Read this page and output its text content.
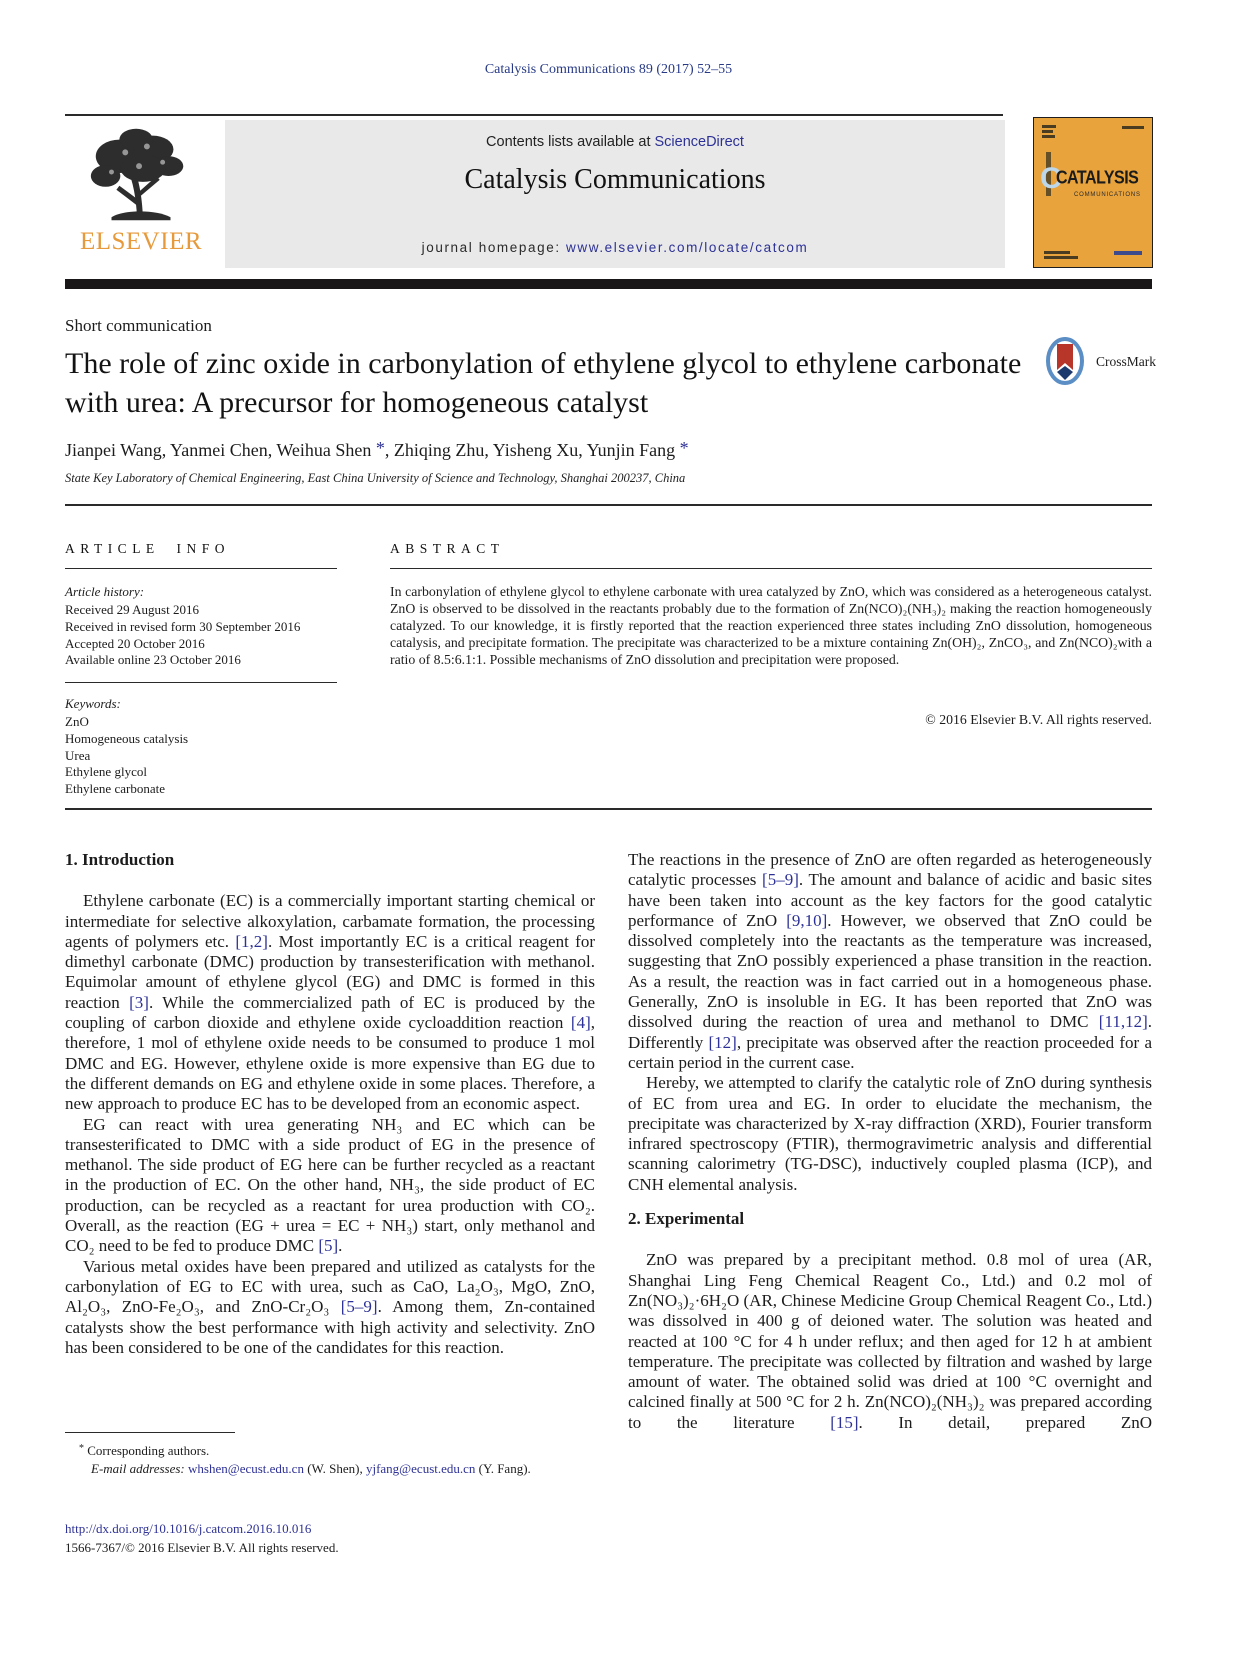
Catalysis Communications 89 (2017) 52–55
ELSEVIER
Contents lists available at ScienceDirect
Catalysis Communications
journal homepage: www.elsevier.com/locate/catcom
C
CATALYSIS
COMMUNICATIONS
Short communication
The role of zinc oxide in carbonylation of ethylene glycol to ethylene carbonate with urea: A precursor for homogeneous catalyst
CrossMark
Jianpei Wang, Yanmei Chen, Weihua Shen *, Zhiqing Zhu, Yisheng Xu, Yunjin Fang *
State Key Laboratory of Chemical Engineering, East China University of Science and Technology, Shanghai 200237, China
ARTICLE INFO
Article history:
Received 29 August 2016
Received in revised form 30 September 2016
Accepted 20 October 2016
Available online 23 October 2016
Keywords:
ZnO
Homogeneous catalysis
Urea
Ethylene glycol
Ethylene carbonate
ABSTRACT
In carbonylation of ethylene glycol to ethylene carbonate with urea catalyzed by ZnO, which was considered as a heterogeneous catalyst. ZnO is observed to be dissolved in the reactants probably due to the formation of Zn(NCO)₂(NH₃)₂ making the reaction homogeneously catalyzed. To our knowledge, it is firstly reported that the reaction experienced three states including ZnO dissolution, homogeneous catalysis, and precipitate formation. The precipitate was characterized to be a mixture containing Zn(OH)₂, ZnCO₃, and Zn(NCO)₂with a ratio of 8.5:6.1:1. Possible mechanisms of ZnO dissolution and precipitation were proposed.
© 2016 Elsevier B.V. All rights reserved.
1. Introduction

Ethylene carbonate (EC) is a commercially important starting chemical or intermediate for selective alkoxylation, carbamate formation, the processing agents of polymers etc. [1,2]. Most importantly EC is a critical reagent for dimethyl carbonate (DMC) production by transesterification with methanol. Equimolar amount of ethylene glycol (EG) and DMC is formed in this reaction [3]. While the commercialized path of EC is produced by the coupling of carbon dioxide and ethylene oxide cycloaddition reaction [4], therefore, 1 mol of ethylene oxide needs to be consumed to produce 1 mol DMC and EG. However, ethylene oxide is more expensive than EG due to the different demands on EG and ethylene oxide in some places. Therefore, a new approach to produce EC has to be developed from an economic aspect.

EG can react with urea generating NH₃ and EC which can be transesterificated to DMC with a side product of EG in the presence of methanol. The side product of EG here can be further recycled as a reactant in the production of EC. On the other hand, NH₃, the side product of EC production, can be recycled as a reactant for urea production with CO₂. Overall, as the reaction (EG + urea = EC + NH₃) start, only methanol and CO₂ need to be fed to produce DMC [5].

Various metal oxides have been prepared and utilized as catalysts for the carbonylation of EG to EC with urea, such as CaO, La₂O₃, MgO, ZnO, Al₂O₃, ZnO-Fe₂O₃, and ZnO-Cr₂O₃ [5–9]. Among them, Zn-contained catalysts show the best performance with high activity and selectivity. ZnO has been considered to be one of the candidates for this reaction.

The reactions in the presence of ZnO are often regarded as heterogeneously catalytic processes [5–9]. The amount and balance of acidic and basic sites have been taken into account as the key factors for the good catalytic performance of ZnO [9,10]. However, we observed that ZnO could be dissolved completely into the reactants as the temperature was increased, suggesting that ZnO possibly experienced a phase transition in the reaction. As a result, the reaction was in fact carried out in a homogeneous phase. Generally, ZnO is insoluble in EG. It has been reported that ZnO was dissolved during the reaction of urea and methanol to DMC [11,12]. Differently [12], precipitate was observed after the reaction proceeded for a certain period in the current case.

Hereby, we attempted to clarify the catalytic role of ZnO during synthesis of EC from urea and EG. In order to elucidate the mechanism, the precipitate was characterized by X-ray diffraction (XRD), Fourier transform infrared spectroscopy (FTIR), thermogravimetric analysis and differential scanning calorimetry (TG-DSC), inductively coupled plasma (ICP), and CNH elemental analysis.

2. Experimental

ZnO was prepared by a precipitant method. 0.8 mol of urea (AR, Shanghai Ling Feng Chemical Reagent Co., Ltd.) and 0.2 mol of Zn(NO₃)₂·6H₂O (AR, Chinese Medicine Group Chemical Reagent Co., Ltd.) was dissolved in 400 g of deioned water. The solution was heated and reacted at 100 °C for 4 h under reflux; and then aged for 12 h at ambient temperature. The precipitate was collected by filtration and washed by large amount of water. The obtained solid was dried at 100 °C overnight and calcined finally at 500 °C for 2 h. Zn(NCO)₂(NH₃)₂ was prepared according to the literature [15]. In detail, prepared ZnO

* Corresponding authors.
E-mail addresses: whshen@ecust.edu.cn (W. Shen), yjfang@ecust.edu.cn (Y. Fang).
http://dx.doi.org/10.1016/j.catcom.2016.10.016
1566-7367/© 2016 Elsevier B.V. All rights reserved.
